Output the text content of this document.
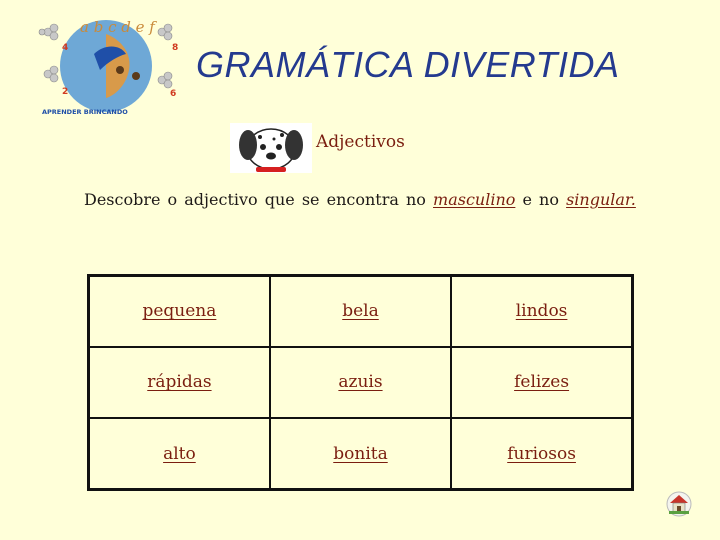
a b c d e f
4	8
2	6
APRENDER BRINCANDO
GRAMÁTICA DIVERTIDA
Adjectivos
Descobre o adjectivo que se encontra no masculino e no singular.
pequena	bela	lindos
rápidas	azuis	felizes
alto	bonita	furiosos
